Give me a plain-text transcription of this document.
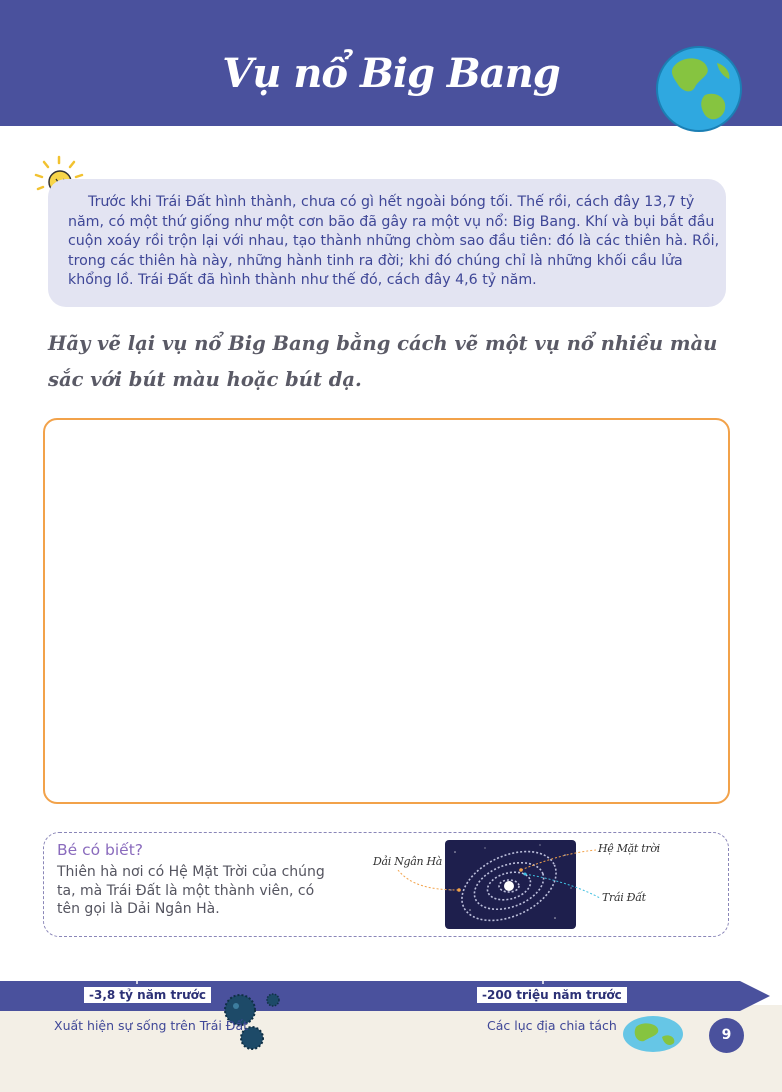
Vụ nổ Big Bang

Trước khi Trái Đất hình thành, chưa có gì hết ngoài bóng tối. Thế rồi, cách đây 13,7 tỷ năm, có một thứ giống như một cơn bão đã gây ra một vụ nổ: Big Bang. Khí và bụi bắt đầu cuộn xoáy rồi trộn lại với nhau, tạo thành những chòm sao đầu tiên: đó là các thiên hà. Rồi, trong các thiên hà này, những hành tinh ra đời; khi đó chúng chỉ là những khối cầu lửa khổng lồ. Trái Đất đã hình thành như thế đó, cách đây 4,6 tỷ năm.

Hãy vẽ lại vụ nổ Big Bang bằng cách vẽ một vụ nổ nhiều màu sắc với bút màu hoặc bút dạ.

Bé có biết?

Thiên hà nơi có Hệ Mặt Trời của chúng ta, mà Trái Đất là một thành viên, có tên gọi là Dải Ngân Hà.

Dải Ngân Hà
Hệ Mặt trời
Trái Đất
-3,8 tỷ năm trước	-200 triệu năm trước
Xuất hiện sự sống trên Trái Đất	Các lục địa chia tách
9
